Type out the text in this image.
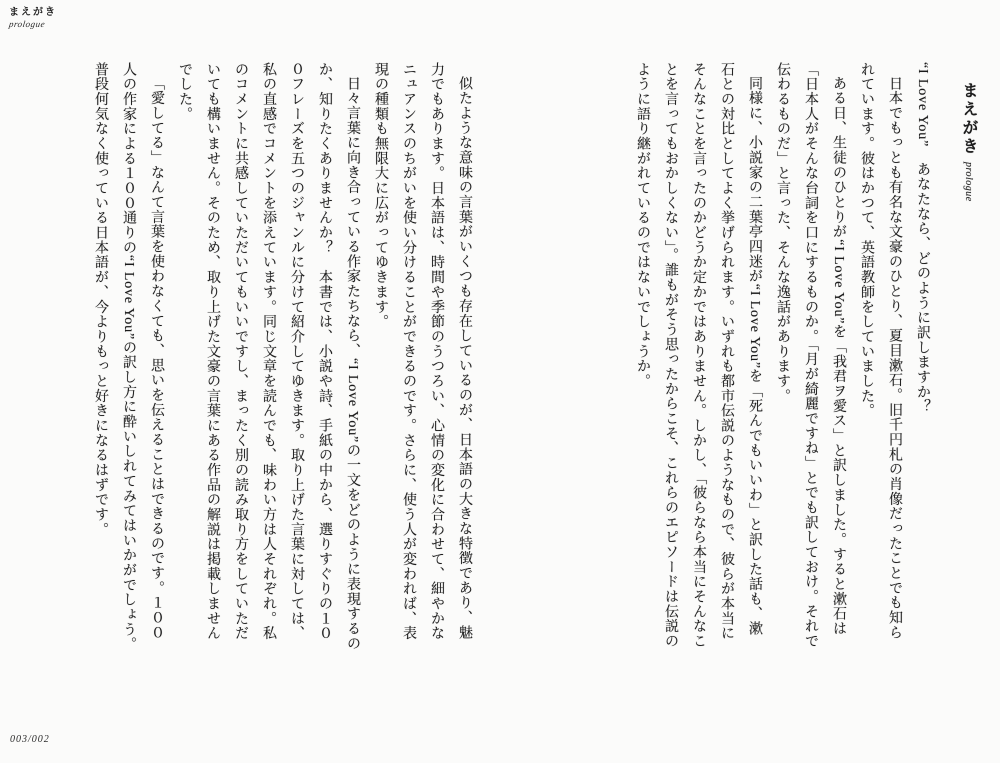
まえがき
prologue
まえがき prologue

“I Love You”　あなたなら、どのように訳しますか？

日本でもっとも有名な文豪のひとり、夏目漱石。旧千円札の肖像だったことでも知られています。彼はかつて、英語教師をしていました。

ある日、生徒のひとりが“I Love You”を「我君ヲ愛ス」と訳しました。すると漱石は「日本人がそんな台詞を口にするものか。「月が綺麗ですね」とでも訳しておけ。それで伝わるものだ」と言った、そんな逸話があります。

同様に、小説家の二葉亭四迷が“I Love You”を「死んでもいいわ」と訳した話も、漱石との対比としてよく挙げられます。いずれも都市伝説のようなもので、彼らが本当にそんなことを言ったのかどうか定かではありません。しかし、「彼らなら本当にそんなことを言ってもおかしくない」。誰もがそう思ったからこそ、これらのエピソードは伝説のように語り継がれているのではないでしょうか。

似たような意味の言葉がいくつも存在しているのが、日本語の大きな特徴であり、魅力でもあります。日本語は、時間や季節のうつろい、心情の変化に合わせて、細やかなニュアンスのちがいを使い分けることができるのです。さらに、使う人が変われば、表現の種類も無限大に広がってゆきます。

日々言葉に向き合っている作家たちなら、“I Love You”の一文をどのように表現するのか、知りたくありませんか？　本書では、小説や詩、手紙の中から、選りすぐりの１００フレーズを五つのジャンルに分けて紹介してゆきます。取り上げた言葉に対しては、私の直感でコメントを添えています。同じ文章を読んでも、味わい方は人それぞれ。私のコメントに共感していただいてもいいですし、まったく別の読み取り方をしていただいても構いません。そのため、取り上げた文豪の言葉にある作品の解説は掲載しませんでした。

「愛してる」なんて言葉を使わなくても、思いを伝えることはできるのです。１００人の作家による１００通りの“I Love You”の訳し方に酔いしれてみてはいかがでしょう。普段何気なく使っている日本語が、今よりもっと好きになるはずです。

003/002
